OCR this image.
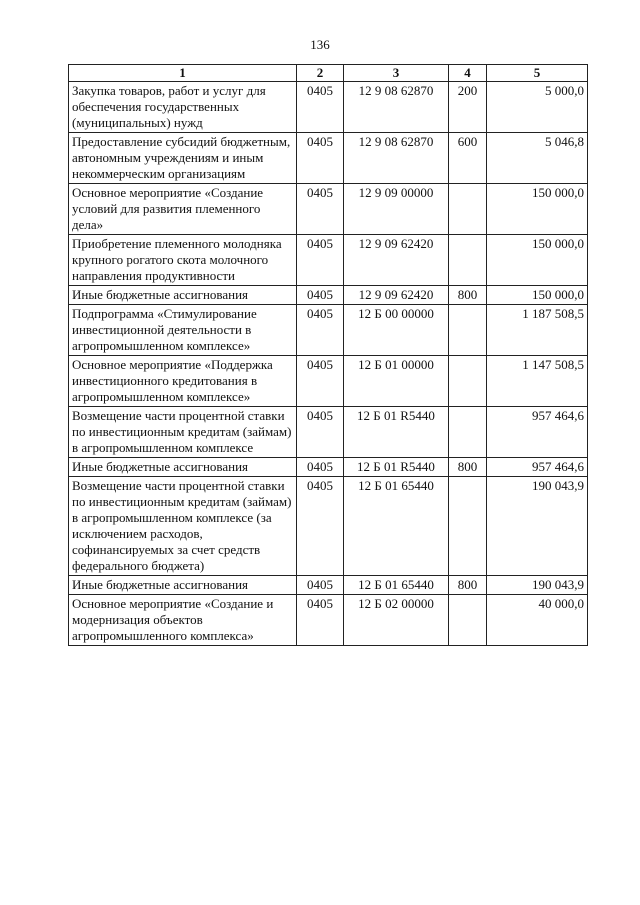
136
1	2	3	4	5
Закупка товаров, работ и услуг для обеспечения государственных (муниципальных) нужд	0405	12 9 08 62870	200	5 000,0
Предоставление субсидий бюджетным, автономным учреждениям и иным некоммерческим организациям	0405	12 9 08 62870	600	5 046,8
Основное мероприятие «Создание условий для развития племенного дела»	0405	12 9 09 00000		150 000,0
Приобретение племенного молодняка крупного рогатого скота молочного направления продуктивности	0405	12 9 09 62420		150 000,0
Иные бюджетные ассигнования	0405	12 9 09 62420	800	150 000,0
Подпрограмма «Стимулирование инвестиционной деятельности в агропромышленном комплексе»	0405	12 Б 00 00000		1 187 508,5
Основное мероприятие «Поддержка инвестиционного кредитования в агропромышленном комплексе»	0405	12 Б 01 00000		1 147 508,5
Возмещение части процентной ставки по инвестиционным кредитам (займам) в агропромышленном комплексе	0405	12 Б 01 R5440		957 464,6
Иные бюджетные ассигнования	0405	12 Б 01 R5440	800	957 464,6
Возмещение части процентной ставки по инвестиционным кредитам (займам) в агропромышленном комплексе (за исключением расходов, софинансируемых за счет средств федерального бюджета)	0405	12 Б 01 65440		190 043,9
Иные бюджетные ассигнования	0405	12 Б 01 65440	800	190 043,9
Основное мероприятие «Создание и модернизация объектов агропромышленного комплекса»	0405	12 Б 02 00000		40 000,0
